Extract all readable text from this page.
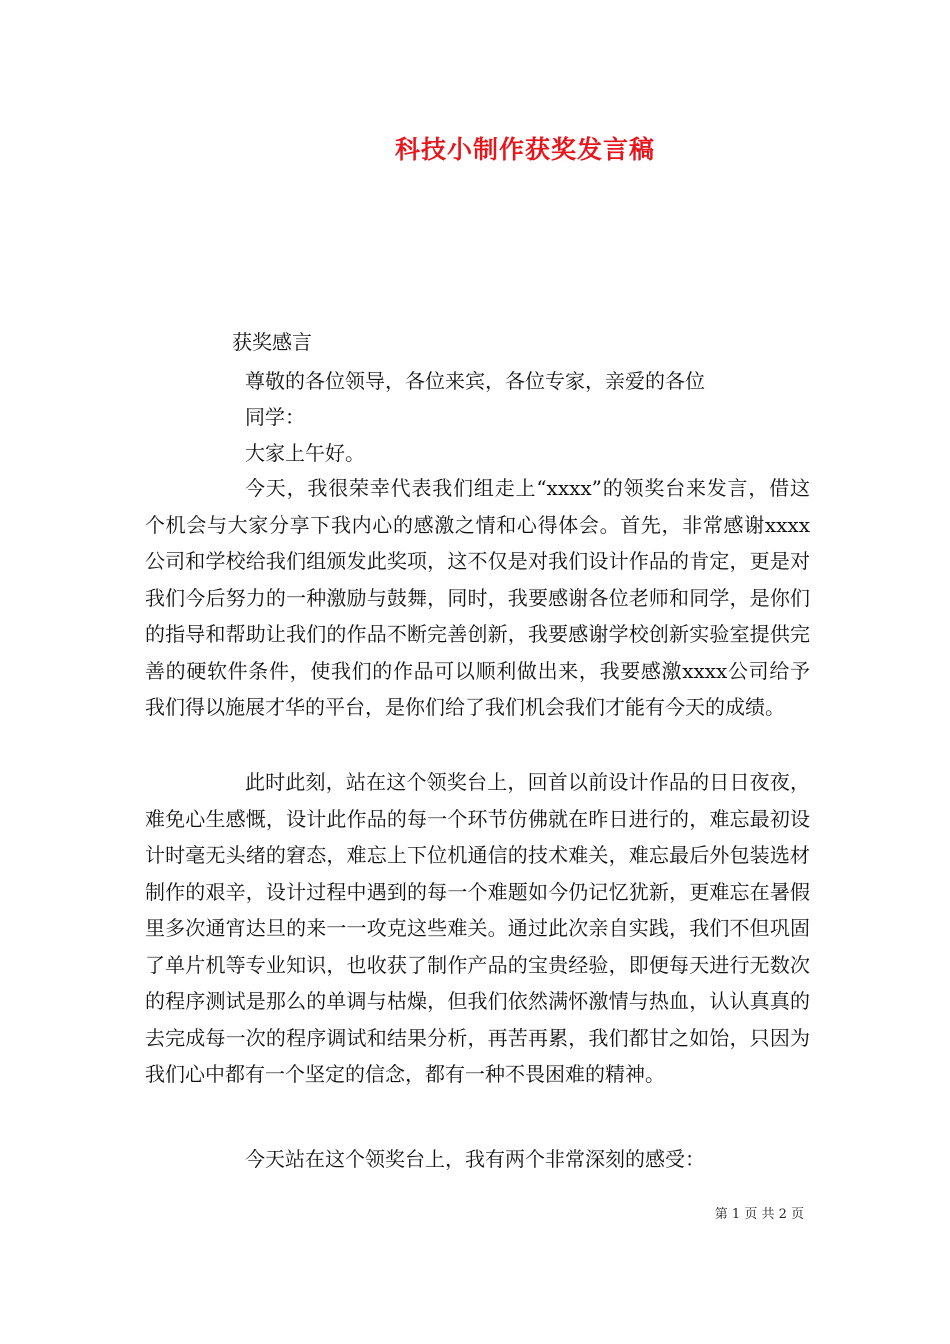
科技小制作获奖发言稿
获奖感言
尊敬的各位领导，各位来宾，各位专家，亲爱的各位
同学：
大家上午好。

今天，我很荣幸代表我们组走上“xxxx”的领奖台来发言，借这个机会与大家分享下我内心的感激之情和心得体会。首先，非常感谢xxxx公司和学校给我们组颁发此奖项，这不仅是对我们设计作品的肯定，更是对我们今后努力的一种激励与鼓舞，同时，我要感谢各位老师和同学，是你们的指导和帮助让我们的作品不断完善创新，我要感谢学校创新实验室提供完善的硬软件条件，使我们的作品可以顺利做出来，我要感激xxxx公司给予我们得以施展才华的平台，是你们给了我们机会我们才能有今天的成绩。

此时此刻，站在这个领奖台上，回首以前设计作品的日日夜夜，难免心生感慨，设计此作品的每一个环节仿佛就在昨日进行的，难忘最初设计时毫无头绪的窘态，难忘上下位机通信的技术难关，难忘最后外包装选材制作的艰辛，设计过程中遇到的每一个难题如今仍记忆犹新，更难忘在暑假里多次通宵达旦的来一一攻克这些难关。通过此次亲自实践，我们不但巩固了单片机等专业知识，也收获了制作产品的宝贵经验，即便每天进行无数次的程序测试是那么的单调与枯燥，但我们依然满怀激情与热血，认认真真的去完成每一次的程序调试和结果分析，再苦再累，我们都甘之如饴，只因为我们心中都有一个坚定的信念，都有一种不畏困难的精神。

今天站在这个领奖台上，我有两个非常深刻的感受：
第 1 页 共 2 页
